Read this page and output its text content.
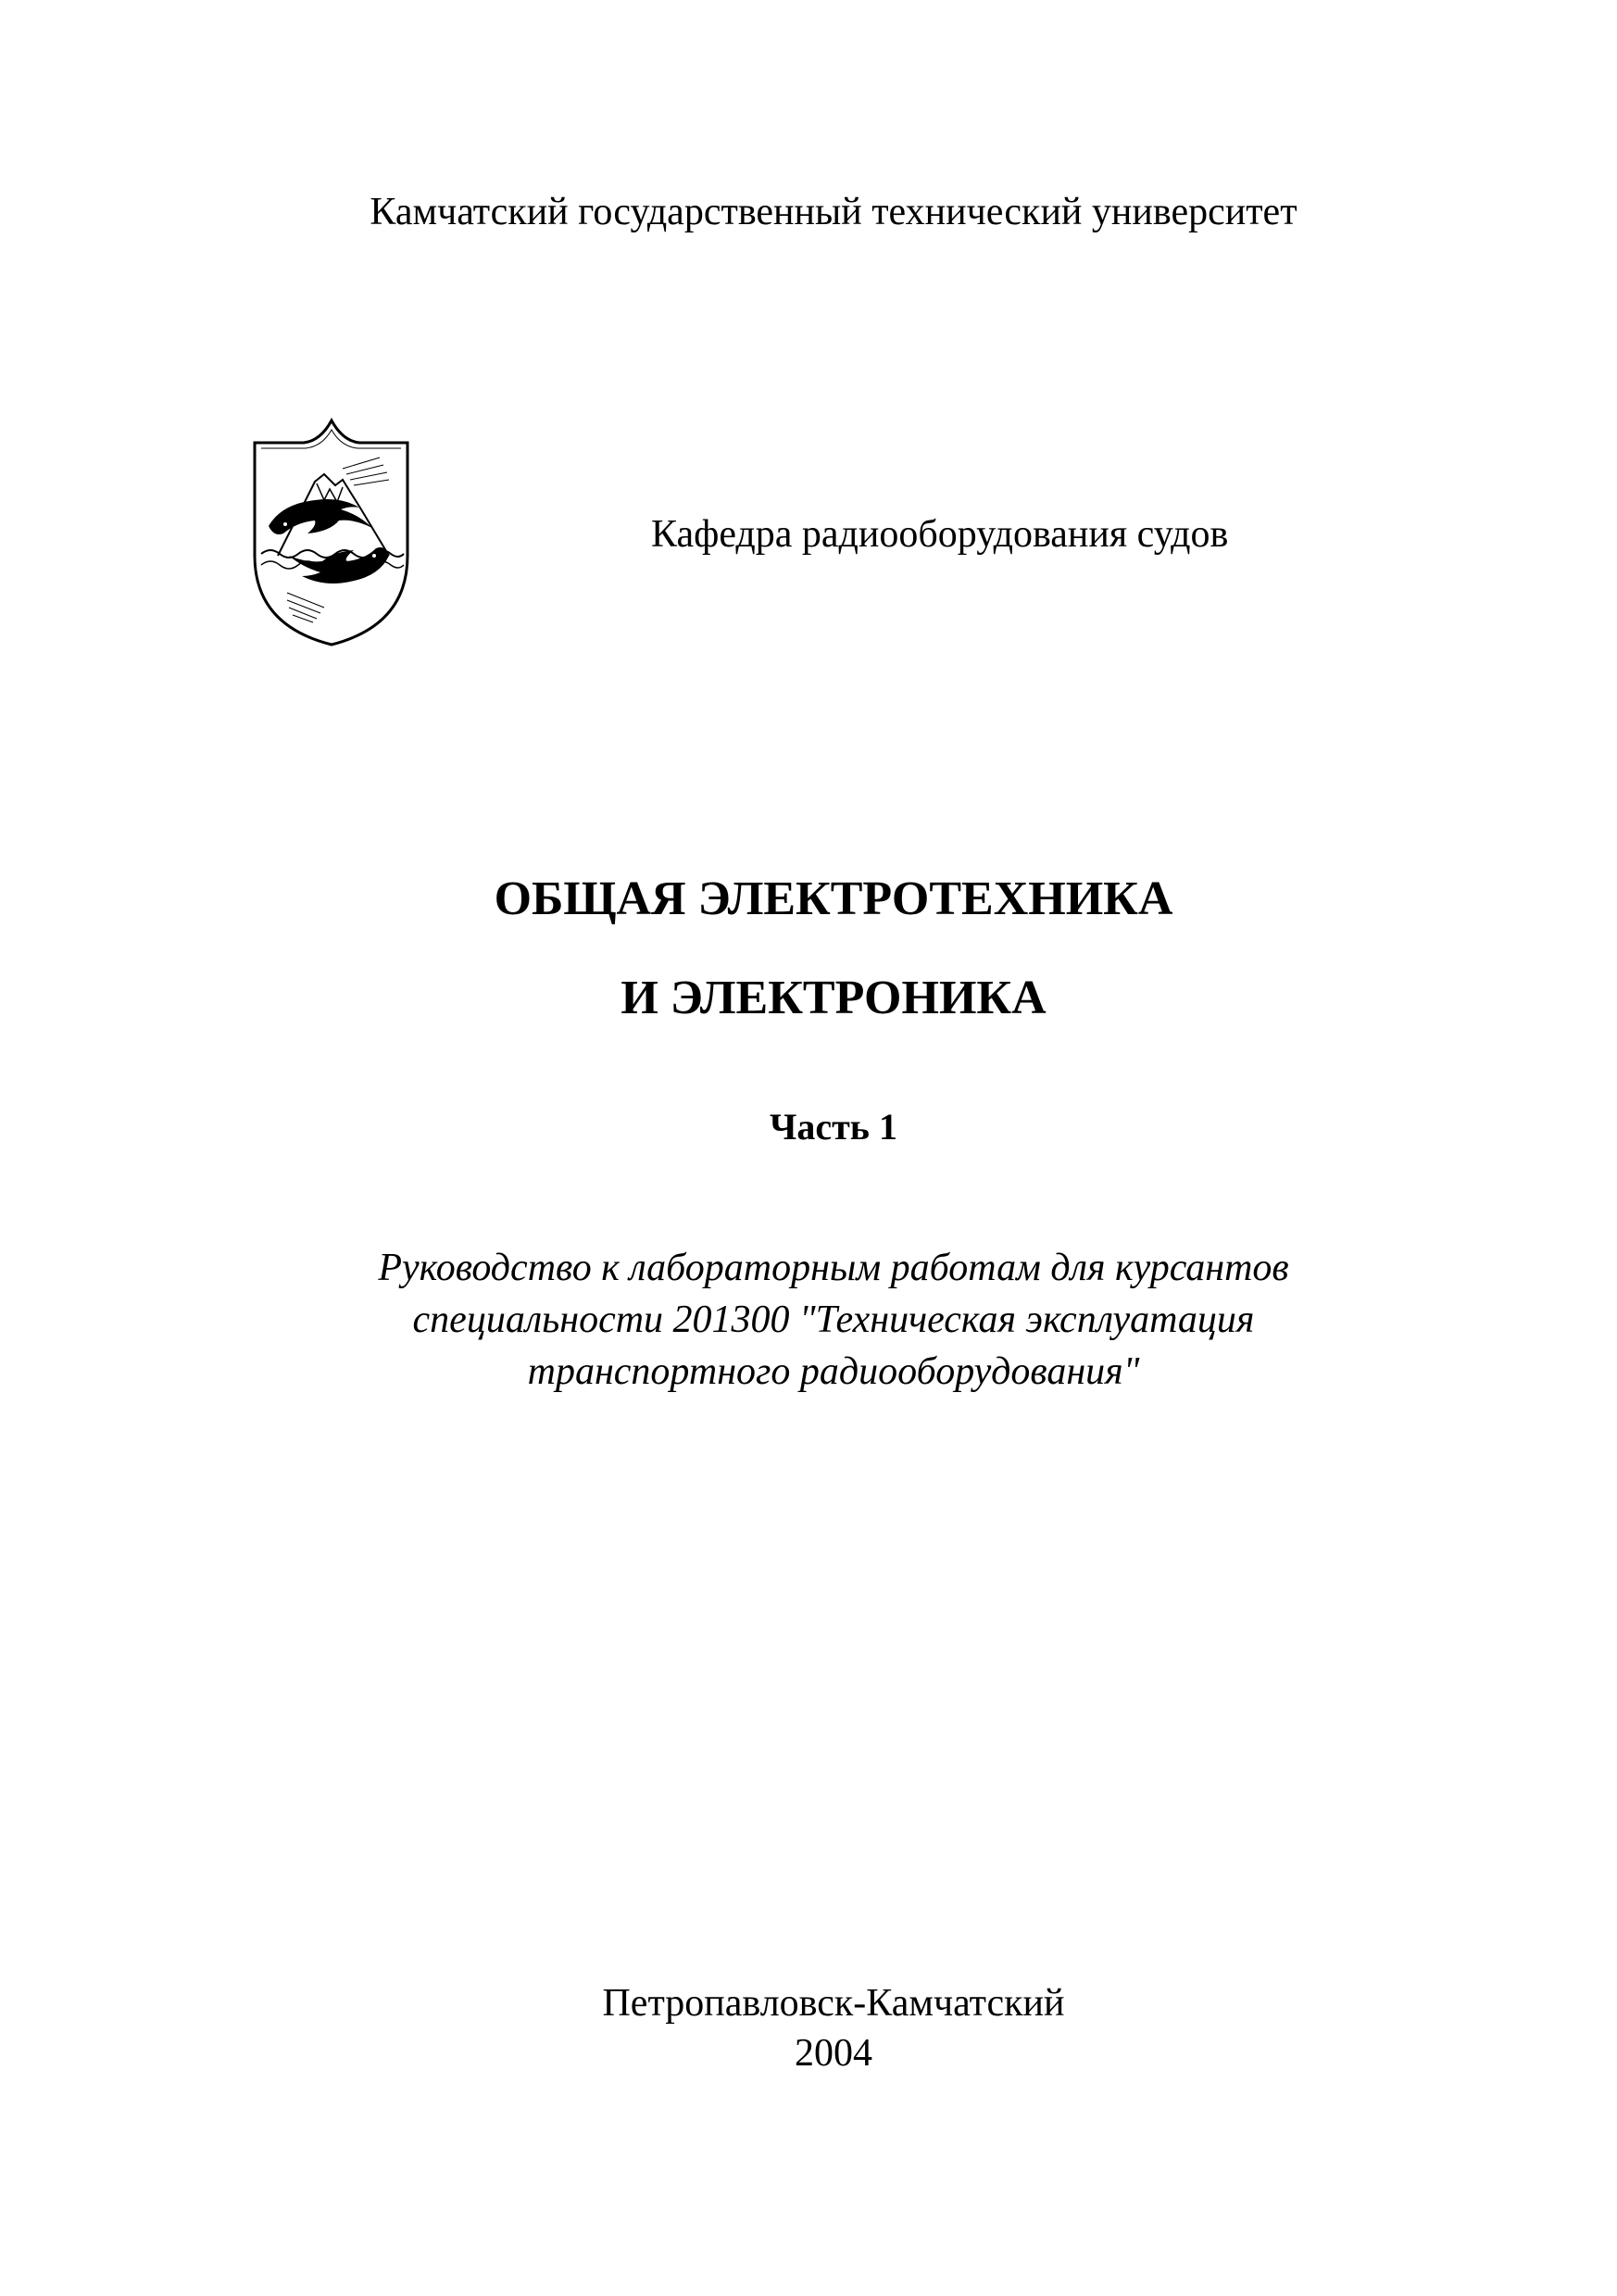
Камчатский государственный технический университет
Кафедра радиооборудования судов
ОБЩАЯ ЭЛЕКТРОТЕХНИКА
И ЭЛЕКТРОНИКА
Часть 1
Руководство к лабораторным работам для курсантов
специальности 201300 "Техническая эксплуатация
транспортного радиооборудования"
Петропавловск-Камчатский
2004
